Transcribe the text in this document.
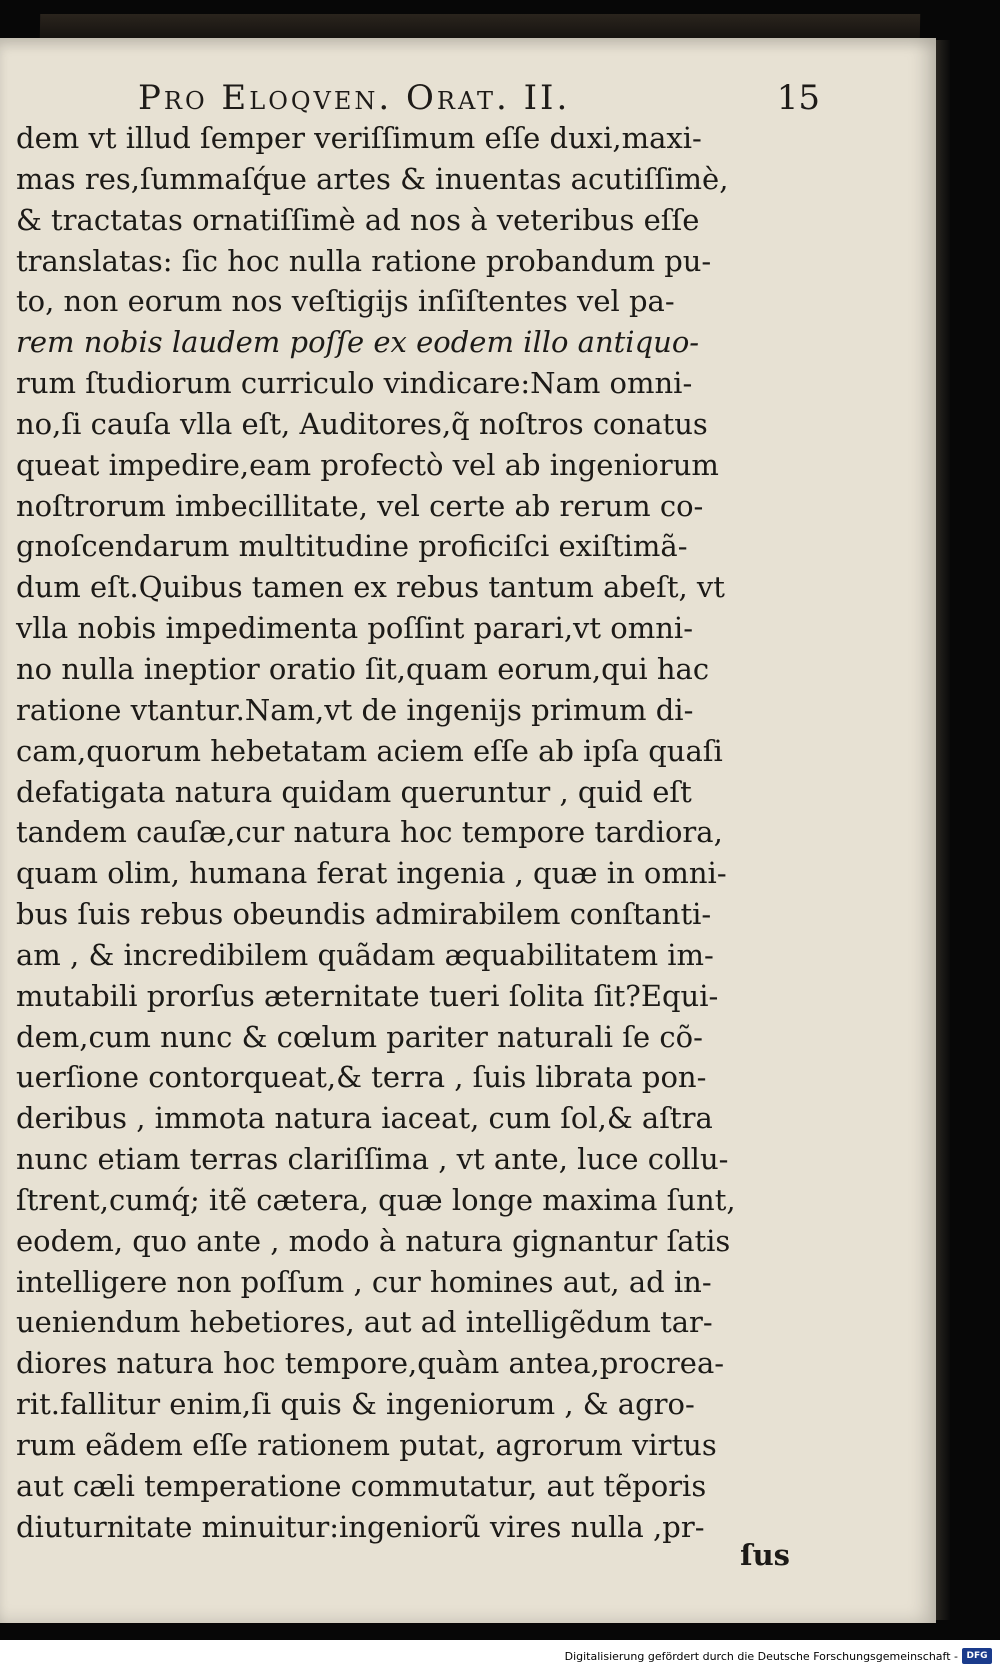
Pro Eloqven. Orat. II.	15
dem vt illud ſemper veriſſimum eſſe duxi,maxi-
mas res,ſummaſq́ue artes & inuentas acutiſſimè,
& tractatas ornatiſſimè ad nos à veteribus eſſe
translatas: ſic hoc nulla ratione probandum pu-
to, non eorum nos veſtigijs inſiſtentes vel pa-
rem nobis laudem poſſe ex eodem illo antiquo-
rum ſtudiorum curriculo vindicare:Nam omni-
no,ſi cauſa vlla eſt, Auditores,q̃ noſtros conatus
queat impedire,eam profectò vel ab ingeniorum
noſtrorum imbecillitate, vel certe ab rerum co-
gnoſcendarum multitudine proficiſci exiſtimã-
dum eſt.Quibus tamen ex rebus tantum abeſt, vt
vlla nobis impedimenta poſſint parari,vt omni-
no nulla ineptior oratio ſit,quam eorum,qui hac
ratione vtantur.Nam,vt de ingenijs primum di-
cam,quorum hebetatam aciem eſſe ab ipſa quaſi
defatigata natura quidam queruntur , quid eſt
tandem cauſæ,cur natura hoc tempore tardiora,
quam olim, humana ferat ingenia , quæ in omni-
bus ſuis rebus obeundis admirabilem conſtanti-
am , & incredibilem quãdam æquabilitatem im-
mutabili prorſus æternitate tueri ſolita ſit?Equi-
dem,cum nunc & cœlum pariter naturali ſe cõ-
uerſione contorqueat,& terra , ſuis librata pon-
deribus , immota natura iaceat, cum ſol,& aſtra
nunc etiam terras clariſſima , vt ante, luce collu-
ſtrent,cumq́; itẽ cætera, quæ longe maxima ſunt,
eodem, quo ante , modo à natura gignantur ſatis
intelligere non poſſum , cur homines aut, ad in-
ueniendum hebetiores, aut ad intelligẽdum tar-
diores natura hoc tempore,quàm antea,procrea-
rit.fallitur enim,ſi quis & ingeniorum , & agro-
rum eãdem eſſe rationem putat, agrorum virtus
aut cæli temperatione commutatur, aut tẽporis
diuturnitate minuitur:ingeniorũ vires nulla ,pr-
ſus
Digitalisierung gefördert durch die Deutsche Forschungsgemeinschaft - DFG
